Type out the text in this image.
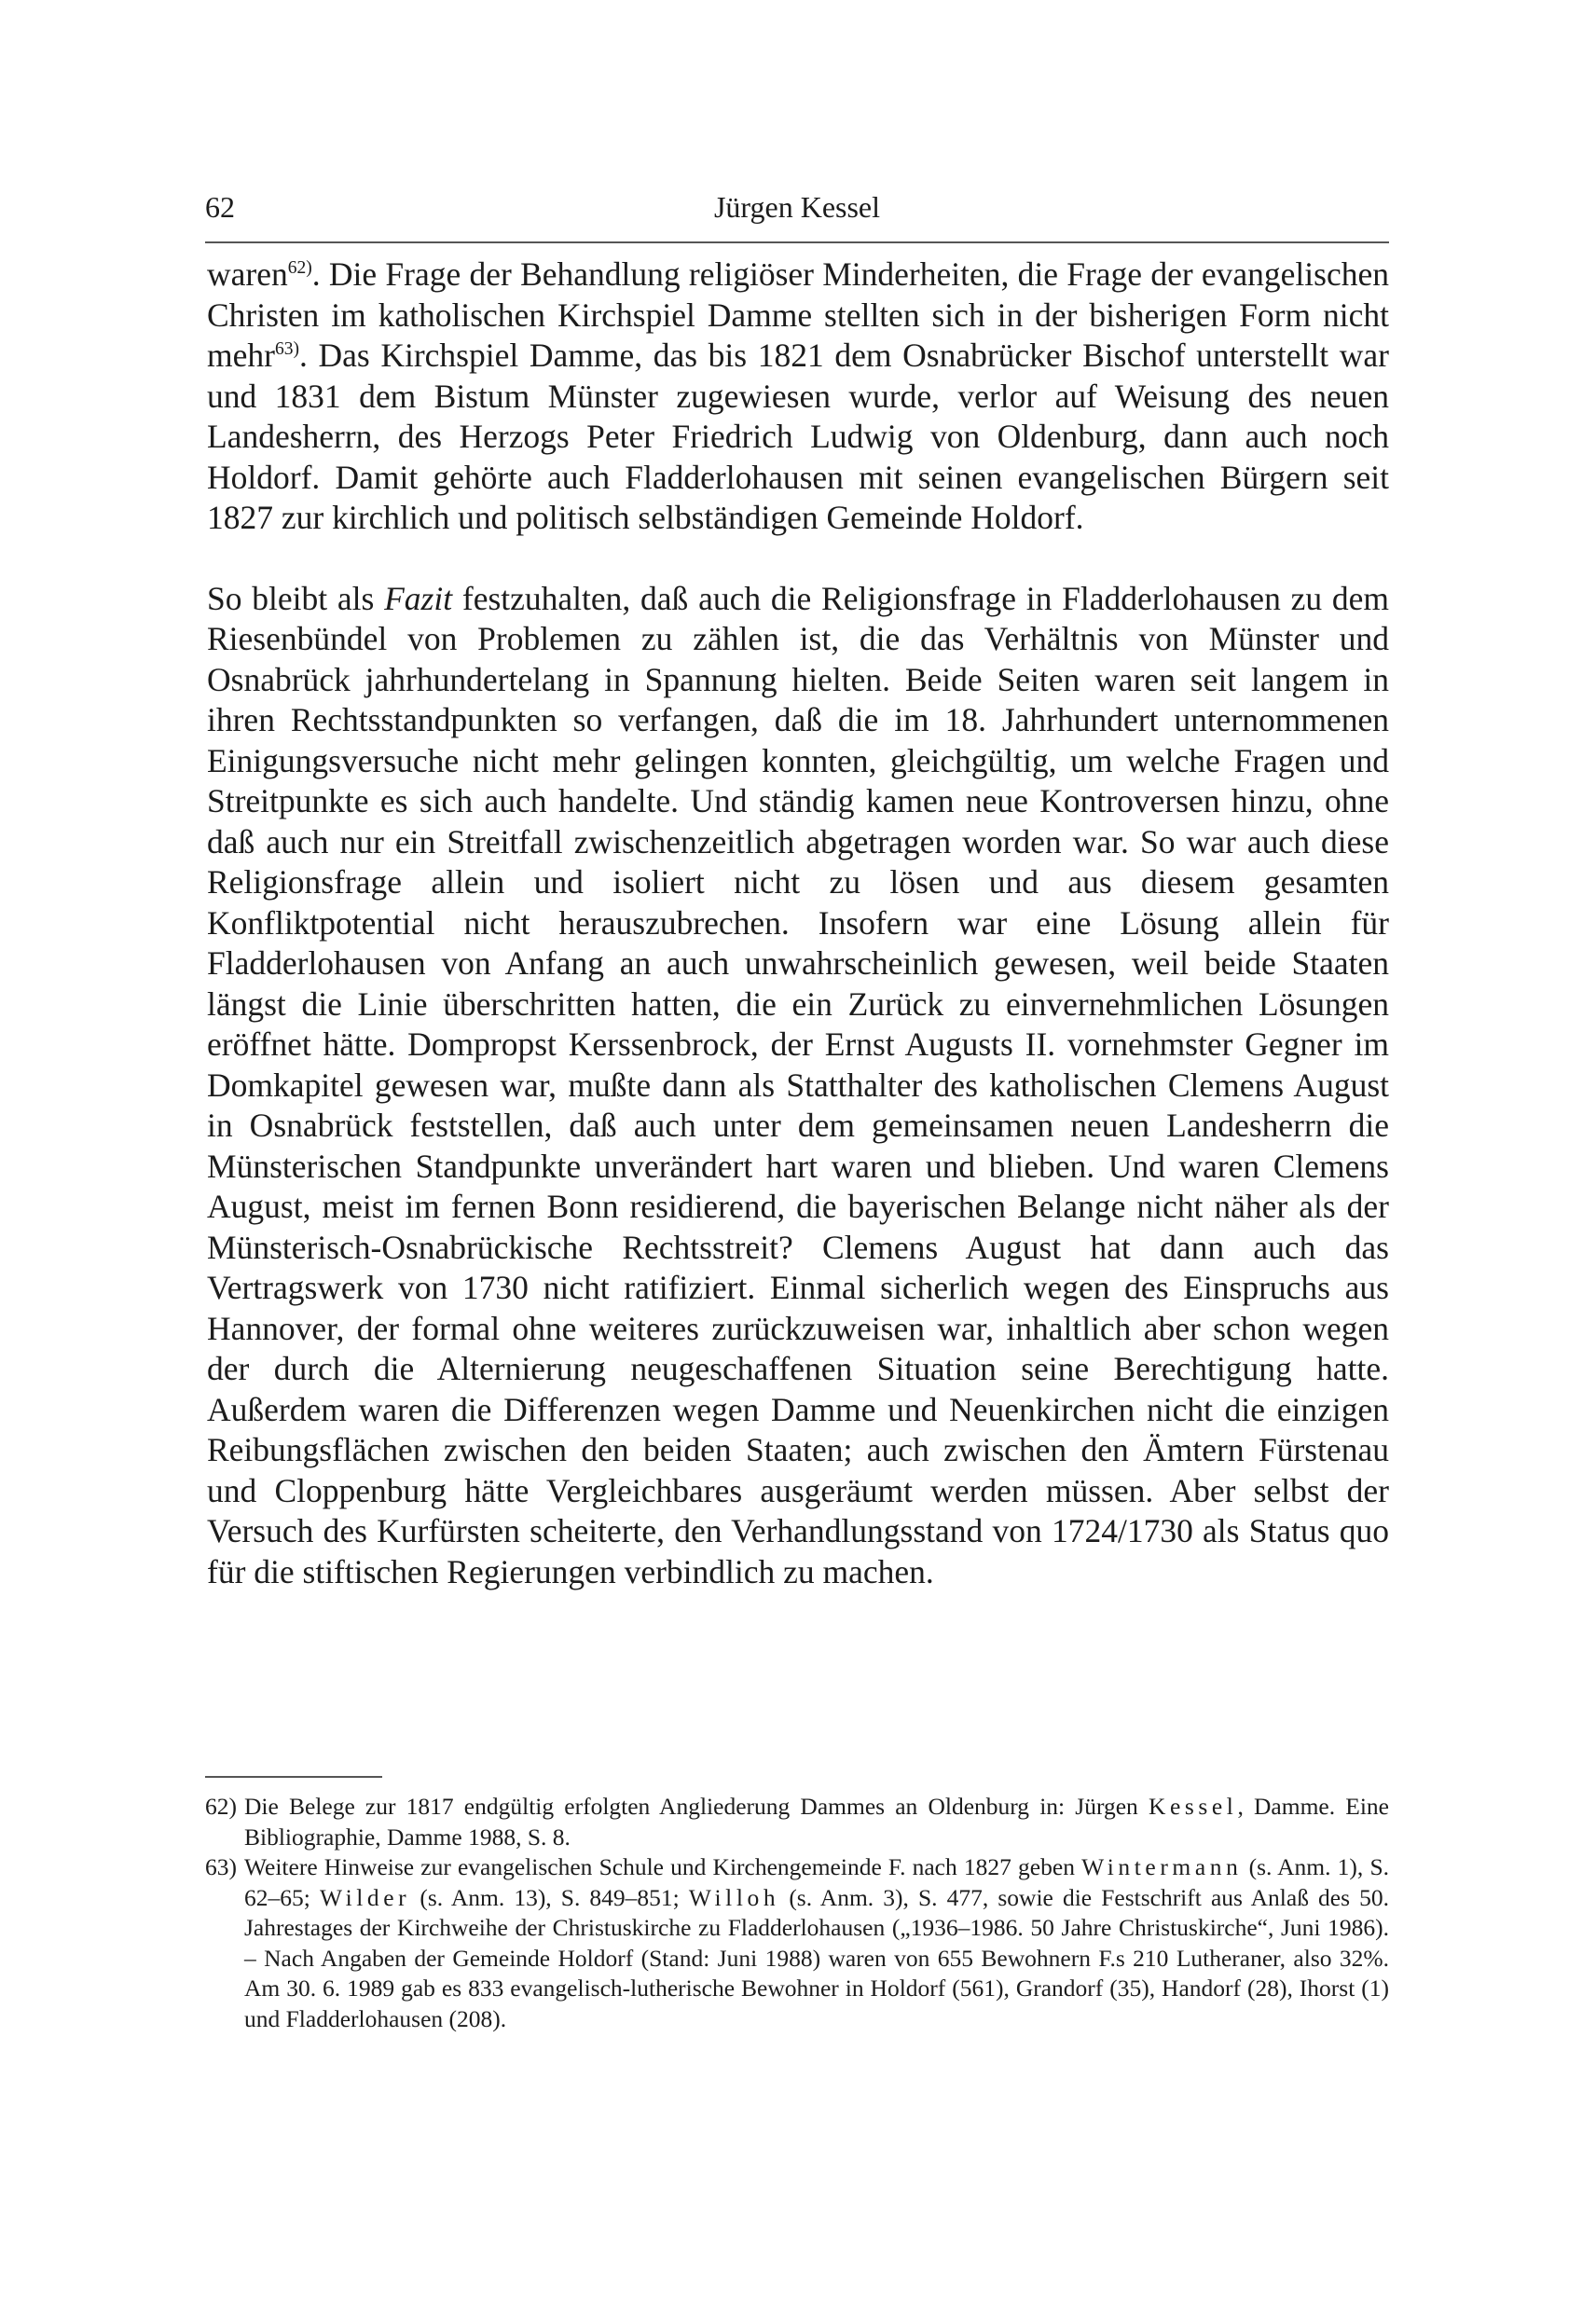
62	Jürgen Kessel

waren$^{62)}$. Die Frage der Behandlung religiöser Minderheiten, die Frage der evangelischen Christen im katholischen Kirchspiel Damme stellten sich in der bisherigen Form nicht mehr$^{63)}$. Das Kirchspiel Damme, das bis 1821 dem Osnabrücker Bischof unterstellt war und 1831 dem Bistum Münster zugewiesen wurde, verlor auf Weisung des neuen Landesherrn, des Herzogs Peter Friedrich Ludwig von Oldenburg, dann auch noch Holdorf. Damit gehörte auch Fladderlohausen mit seinen evangelischen Bürgern seit 1827 zur kirchlich und politisch selbständigen Gemeinde Holdorf.

So bleibt als Fazit festzuhalten, daß auch die Religionsfrage in Fladderlohausen zu dem Riesenbündel von Problemen zu zählen ist, die das Verhältnis von Münster und Osnabrück jahrhundertelang in Spannung hielten. Beide Seiten waren seit langem in ihren Rechtsstandpunkten so verfangen, daß die im 18. Jahrhundert unternommenen Einigungsversuche nicht mehr gelingen konnten, gleichgültig, um welche Fragen und Streitpunkte es sich auch handelte. Und ständig kamen neue Kontroversen hinzu, ohne daß auch nur ein Streitfall zwischenzeitlich abgetragen worden war. So war auch diese Religionsfrage allein und isoliert nicht zu lösen und aus diesem gesamten Konfliktpotential nicht herauszubrechen. Insofern war eine Lösung allein für Fladderlohausen von Anfang an auch unwahrscheinlich gewesen, weil beide Staaten längst die Linie überschritten hatten, die ein Zurück zu einvernehmlichen Lösungen eröffnet hätte. Dompropst Kerssenbrock, der Ernst Augusts II. vornehmster Gegner im Domkapitel gewesen war, mußte dann als Statthalter des katholischen Clemens August in Osnabrück feststellen, daß auch unter dem gemeinsamen neuen Landesherrn die Münsterischen Standpunkte unverändert hart waren und blieben. Und waren Clemens August, meist im fernen Bonn residierend, die bayerischen Belange nicht näher als der Münsterisch-Osnabrückische Rechtsstreit? Clemens August hat dann auch das Vertragswerk von 1730 nicht ratifiziert. Einmal sicherlich wegen des Einspruchs aus Hannover, der formal ohne weiteres zurückzuweisen war, inhaltlich aber schon wegen der durch die Alternierung neugeschaffenen Situation seine Berechtigung hatte. Außerdem waren die Differenzen wegen Damme und Neuenkirchen nicht die einzigen Reibungsflächen zwischen den beiden Staaten; auch zwischen den Ämtern Fürstenau und Cloppenburg hätte Vergleichbares ausgeräumt werden müssen. Aber selbst der Versuch des Kurfürsten scheiterte, den Verhandlungsstand von 1724/1730 als Status quo für die stiftischen Regierungen verbindlich zu machen.

62) Die Belege zur 1817 endgültig erfolgten Angliederung Dammes an Oldenburg in: Jürgen Kessel, Damme. Eine Bibliographie, Damme 1988, S. 8.

63) Weitere Hinweise zur evangelischen Schule und Kirchengemeinde F. nach 1827 geben Wintermann (s. Anm. 1), S. 62–65; Wilder (s. Anm. 13), S. 849–851; Willoh (s. Anm. 3), S. 477, sowie die Festschrift aus Anlaß des 50. Jahrestages der Kirchweihe der Christuskirche zu Fladderlohausen („1936–1986. 50 Jahre Christuskirche“, Juni 1986). – Nach Angaben der Gemeinde Holdorf (Stand: Juni 1988) waren von 655 Bewohnern F.s 210 Lutheraner, also 32%. Am 30. 6. 1989 gab es 833 evangelisch-lutherische Bewohner in Holdorf (561), Grandorf (35), Handorf (28), Ihorst (1) und Fladderlohausen (208).
